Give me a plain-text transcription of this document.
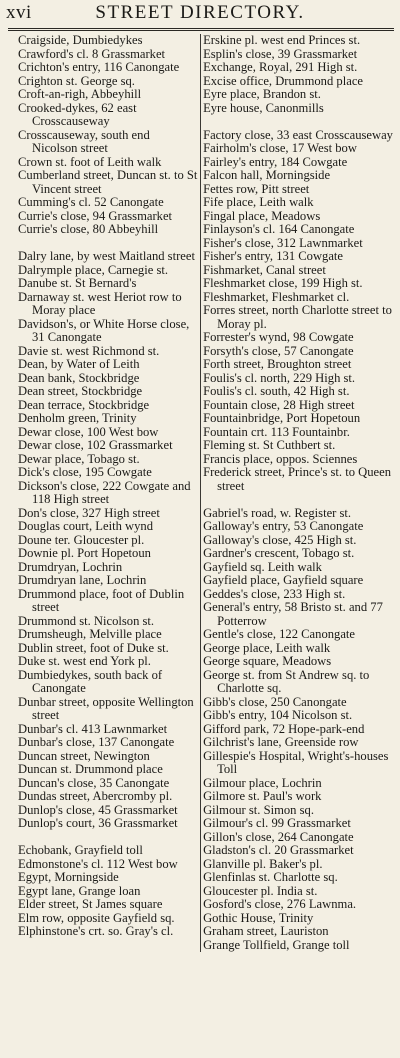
xvi	STREET DIRECTORY.
Craigside, Dumbiedykes
Crawford's cl. 8 Grassmarket
Crichton's entry, 116 Canongate
Crighton st. George sq.
Croft-an-righ, Abbeyhill
Crooked-dykes, 62 east Crosscauseway
Crosscauseway, south end Nicolson street
Crown st. foot of Leith walk
Cumberland street, Duncan st. to St Vincent street
Cumming's cl. 52 Canongate
Currie's close, 94 Grassmarket
Currie's close, 80 Abbeyhill
Dalry lane, by west Maitland street
Dalrymple place, Carnegie st.
Danube st. St Bernard's
Darnaway st. west Heriot row to Moray place
Davidson's, or White Horse close, 31 Canongate
Davie st. west Richmond st.
Dean, by Water of Leith
Dean bank, Stockbridge
Dean street, Stockbridge
Dean terrace, Stockbridge
Denholm green, Trinity
Dewar close, 100 West bow
Dewar close, 102 Grassmarket
Dewar place, Tobago st.
Dick's close, 195 Cowgate
Dickson's close, 222 Cowgate and 118 High street
Don's close, 327 High street
Douglas court, Leith wynd
Doune ter. Gloucester pl.
Downie pl. Port Hopetoun
Drumdryan, Lochrin
Drumdryan lane, Lochrin
Drummond place, foot of Dublin street
Drummond st. Nicolson st.
Drumsheugh, Melville place
Dublin street, foot of Duke st.
Duke st. west end York pl.
Dumbiedykes, south back of Canongate
Dunbar street, opposite Wellington street
Dunbar's cl. 413 Lawnmarket
Dunbar's close, 137 Canongate
Duncan street, Newington
Duncan st. Drummond place
Duncan's close, 35 Canongate
Dundas street, Abercromby pl.
Dunlop's close, 45 Grassmarket
Dunlop's court, 36 Grassmarket
Echobank, Grayfield toll
Edmonstone's cl. 112 West bow
Egypt, Morningside
Egypt lane, Grange loan
Elder street, St James square
Elm row, opposite Gayfield sq.
Elphinstone's crt. so. Gray's cl.
Erskine pl. west end Princes st.
Esplin's close, 39 Grassmarket
Exchange, Royal, 291 High st.
Excise office, Drummond place
Eyre place, Brandon st.
Eyre house, Canonmills
Factory close, 33 east Crosscauseway
Fairholm's close, 17 West bow
Fairley's entry, 184 Cowgate
Falcon hall, Morningside
Fettes row, Pitt street
Fife place, Leith walk
Fingal place, Meadows
Finlayson's cl. 164 Canongate
Fisher's close, 312 Lawnmarket
Fisher's entry, 131 Cowgate
Fishmarket, Canal street
Fleshmarket close, 199 High st.
Fleshmarket, Fleshmarket cl.
Forres street, north Charlotte street to Moray pl.
Forrester's wynd, 98 Cowgate
Forsyth's close, 57 Canongate
Forth street, Broughton street
Foulis's cl. north, 229 High st.
Foulis's cl. south, 42 High st.
Fountain close, 28 High street
Fountainbridge, Port Hopetoun
Fountain crt. 113 Fountainbr.
Fleming st. St Cuthbert st.
Francis place, oppos. Sciennes
Frederick street, Prince's st. to Queen street
Gabriel's road, w. Register st.
Galloway's entry, 53 Canongate
Galloway's close, 425 High st.
Gardner's crescent, Tobago st.
Gayfield sq. Leith walk
Gayfield place, Gayfield square
Geddes's close, 233 High st.
General's entry, 58 Bristo st. and 77 Potterrow
Gentle's close, 122 Canongate
George place, Leith walk
George square, Meadows
George st. from St Andrew sq. to Charlotte sq.
Gibb's close, 250 Canongate
Gibb's entry, 104 Nicolson st.
Gifford park, 72 Hope-park-end
Gilchrist's lane, Greenside row
Gillespie's Hospital, Wright's-houses Toll
Gilmour place, Lochrin
Gilmore st. Paul's work
Gilmour st. Simon sq.
Gilmour's cl. 99 Grassmarket
Gillon's close, 264 Canongate
Gladston's cl. 20 Grassmarket
Glanville pl. Baker's pl.
Glenfinlas st. Charlotte sq.
Gloucester pl. India st.
Gosford's close, 276 Lawnma.
Gothic House, Trinity
Graham street, Lauriston
Grange Tollfield, Grange toll
